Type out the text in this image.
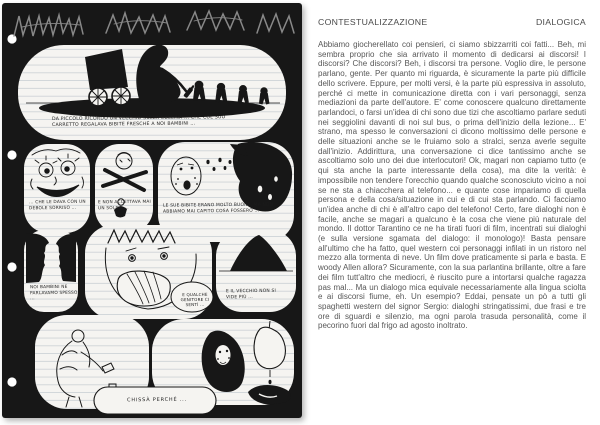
DA PICCOLO RICORDO UN VECCHIO SULLA COLLINA ... CHE COL SUO CARRETTO REGALAVA BIBITE FRESCHE A NOI BAMBINI ...
... CHE LE DAVA CON UN DEBOLE SORRISO ...
E NON ACCETTAVA MAI UN SOLDO ...	LE SUE BIBITE ERANO MOLTO BUONE, MA NON ABBIAMO MAI CAPITO COSA FOSSERO ...
NOI BAMBINI NE PARLAVAMO SPESSO ...
E QUALCHE GENITORE CI SENTÌ ...
E IL VECCHIO NON SI VIDE PIÙ ...
CHISSÀ PERCHÉ ...
CONTESTUALIZZAZIONE	DIALOGICA

Abbiamo giocherellato coi pensieri, ci siamo sbizzarriti coi fatti... Beh, mi sembra proprio che sia arrivato il momento di dedicarsi ai discorsi! I discorsi? Che discorsi? Beh, i discorsi tra persone. Voglio dire, le persone parlano, gente. Per quanto mi riguarda, è sicuramente la parte più difficile dello scrivere. Eppure, per molti versi, è la parte più espressiva in assoluto, perché ci mette in comunicazione diretta con i vari personaggi, senza mediazioni da parte dell'autore. E' come conoscere qualcuno direttamente parlandoci, o farsi un'idea di chi sono due tizi che ascoltiamo parlare seduti nei seggiolini davanti di noi sul bus, o prima dell'inizio della lezione... E' strano, ma spesso le conversazioni ci dicono moltissimo delle persone e delle situazioni anche se le fruiamo solo a stralci, senza averle seguite dall'inizio. Addirittura, una conversazione ci dice tantissimo anche se ascoltiamo solo uno dei due interlocutori! Ok, magari non capiamo tutto (e qui sta anche la parte interessante della cosa), ma dite la verità: è impossibile non tendere l'orecchio quando qualche sconosciuto vicino a noi se ne sta a chiacchera al telefono... e quante cose impariamo di quella persona e della cosa/situazione in cui e di cui sta parlando. Ci facciamo un'idea anche di chi è all'altro capo del telefono! Certo, fare dialoghi non è facile, anche se magari a qualcuno è la cosa che viene più naturale del mondo. Il dottor Tarantino ce ne ha tirati fuori di film, incentrati sui dialoghi (e sulla versione sgamata del dialogo: il monologo)! Basta pensare all'ultimo che ha fatto, quel western coi personaggi infilati in un ristoro nel mezzo alla tormenta di neve. Un film dove praticamente si parla e basta. E woody Allen allora? Sicuramente, con la sua parlantina brillante, oltre a fare dei film tutt'altro che mediocri, è riuscito pure a intortarsi qualche ragazza pas mal... Ma un dialogo mica equivale necessariamente alla lingua sciolta e ai discorsi fiume, eh. Un esempio? Eddai, pensate un pò a tutti gli spaghetti western del signor Sergio: dialoghi stringatissimi, due frasi e tre ore di sguardi e silenzio, ma ogni parola trasuda personalità, come il pecorino fuori dal frigo ad agosto inoltrato.
